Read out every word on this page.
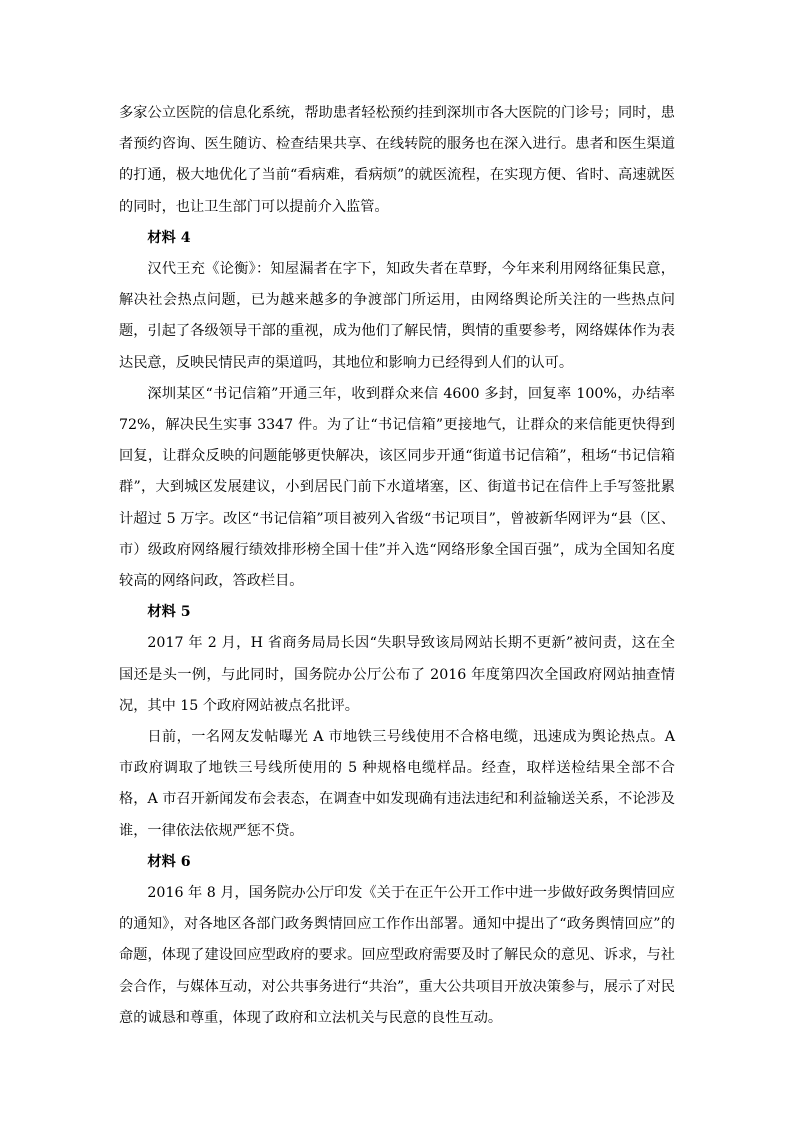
多家公立医院的信息化系统，帮助患者轻松预约挂到深圳市各大医院的门诊号；同时，患者预约咨询、医生随访、检查结果共享、在线转院的服务也在深入进行。患者和医生渠道的打通，极大地优化了当前“看病难，看病烦”的就医流程，在实现方便、省时、高速就医的同时，也让卫生部门可以提前介入监管。

材料 4

汉代王充《论衡》：知屋漏者在字下，知政失者在草野，今年来利用网络征集民意，解决社会热点问题，已为越来越多的争渡部门所运用，由网络舆论所关注的一些热点问题，引起了各级领导干部的重视，成为他们了解民情，舆情的重要参考，网络媒体作为表达民意，反映民情民声的渠道吗，其地位和影响力已经得到人们的认可。

深圳某区“书记信箱”开通三年，收到群众来信 4600 多封，回复率 100%，办结率 72%，解决民生实事 3347 件。为了让“书记信箱”更接地气，让群众的来信能更快得到回复，让群众反映的问题能够更快解决，该区同步开通“街道书记信箱”，租场“书记信箱群”，大到城区发展建议，小到居民门前下水道堵塞，区、街道书记在信件上手写签批累计超过 5 万字。改区“书记信箱”项目被列入省级“书记项目”，曾被新华网评为“县（区、市）级政府网络履行绩效排形榜全国十佳”并入选“网络形象全国百强”，成为全国知名度 较高的网络问政，答政栏目。

材料 5

2017 年 2 月，H 省商务局局长因“失职导致该局网站长期不更新”被问责，这在全国还是头一例，与此同时，国务院办公厅公布了 2016 年度第四次全国政府网站抽查情况，其中 15 个政府网站被点名批评。

日前，一名网友发帖曝光 A 市地铁三号线使用不合格电缆，迅速成为舆论热点。A 市政府调取了地铁三号线所使用的 5 种规格电缆样品。经查，取样送检结果全部不合格，A 市召开新闻发布会表态，在调查中如发现确有违法违纪和利益输送关系，不论涉及谁，一律依法依规严惩不贷。

材料 6

2016 年 8 月，国务院办公厅印发《关于在正午公开工作中进一步做好政务舆情回应的通知》，对各地区各部门政务舆情回应工作作出部署。通知中提出了“政务舆情回应”的命题，体现了建设回应型政府的要求。回应型政府需要及时了解民众的意见、诉求，与社会合作，与媒体互动，对公共事务进行“共治”，重大公共项目开放决策参与，展示了对民意的诚恳和尊重，体现了政府和立法机关与民意的良性互动。
